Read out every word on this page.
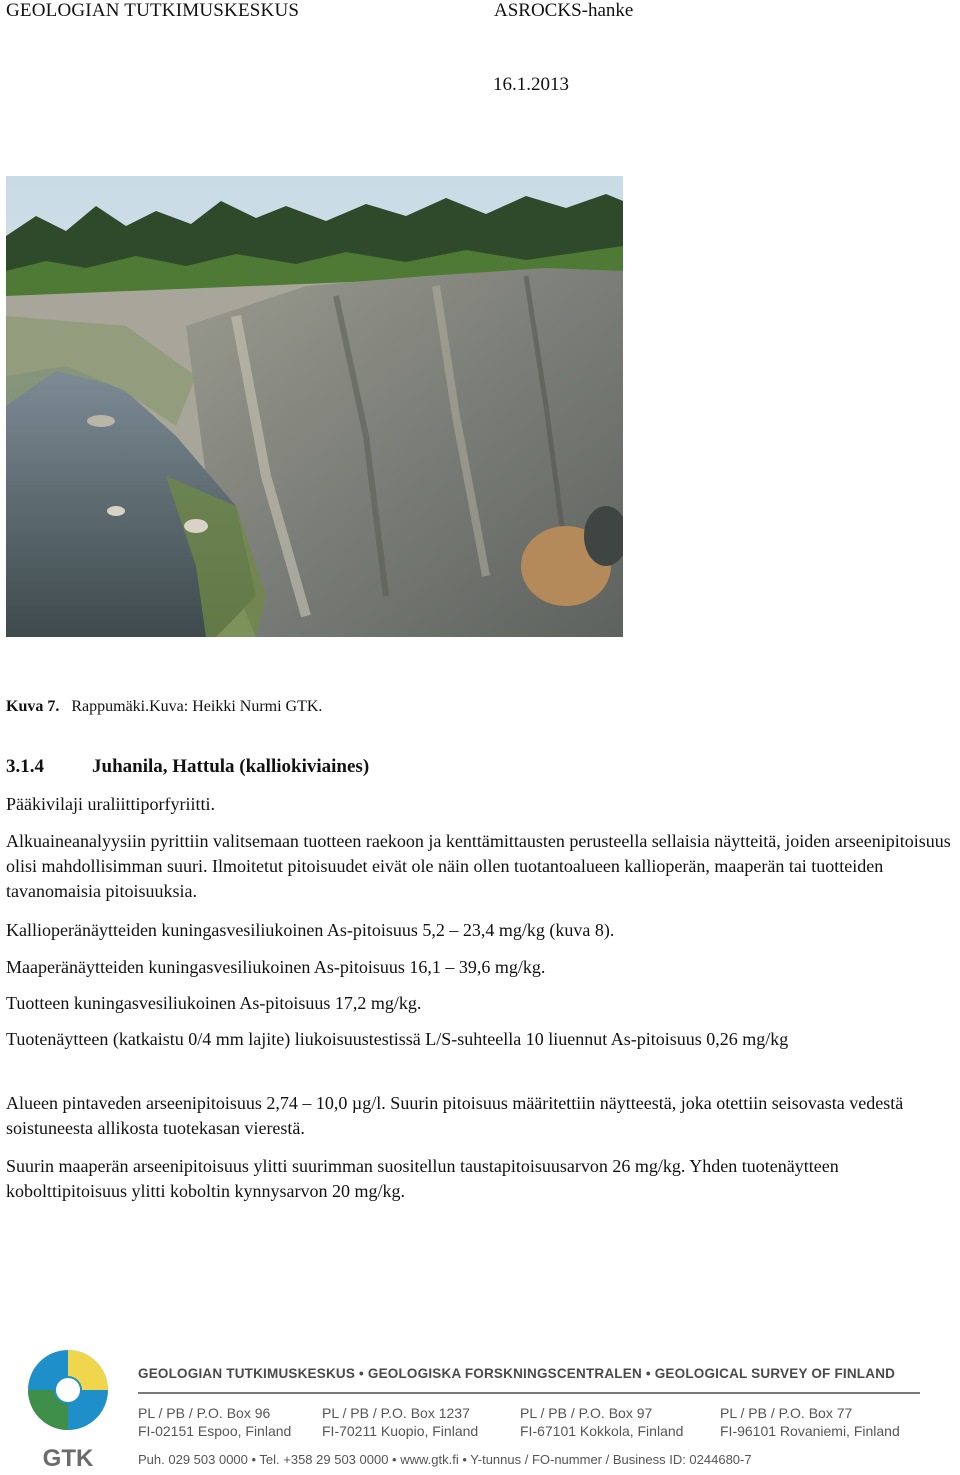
GEOLOGIAN TUTKIMUSKESKUS	ASROCKS-hanke
16.1.2013
Kuva 7. Rappumäki.Kuva: Heikki Nurmi GTK.
3.1.4	Juhanila, Hattula (kalliokiviaines)
Pääkivilaji uraliittiporfyriitti.
Alkuaineanalyysiin pyrittiin valitsemaan tuotteen raekoon ja kenttämittausten perusteella sellaisia näytteitä, joiden arseenipitoisuus olisi mahdollisimman suuri. Ilmoitetut pitoisuudet eivät ole näin ollen tuotantoalueen kallioperän, maaperän tai tuotteiden tavanomaisia pitoisuuksia.
Kallioperänäytteiden kuningasvesiliukoinen As-pitoisuus 5,2 – 23,4 mg/kg (kuva 8).
Maaperänäytteiden kuningasvesiliukoinen As-pitoisuus 16,1 – 39,6 mg/kg.
Tuotteen kuningasvesiliukoinen As-pitoisuus 17,2 mg/kg.
Tuotenäytteen (katkaistu 0/4 mm lajite) liukoisuustestissä L/S-suhteella 10 liuennut As-pitoisuus 0,26 mg/kg
Alueen pintaveden arseenipitoisuus 2,74 – 10,0 µg/l. Suurin pitoisuus määritettiin näytteestä, joka otettiin seisovasta vedestä soistuneesta allikosta tuotekasan vierestä.
Suurin maaperän arseenipitoisuus ylitti suurimman suositellun taustapitoisuusarvon 26 mg/kg. Yhden tuotenäytteen kobolttipitoisuus ylitti koboltin kynnysarvon 20 mg/kg.
GTK
GEOLOGIAN TUTKIMUSKESKUS • GEOLOGISKA FORSKNINGSCENTRALEN • GEOLOGICAL SURVEY OF FINLAND
PL / PB / P.O. Box 96
FI-02151 Espoo, Finland
PL / PB / P.O. Box 1237
FI-70211 Kuopio, Finland
PL / PB / P.O. Box 97
FI-67101 Kokkola, Finland
PL / PB / P.O. Box 77
FI-96101 Rovaniemi, Finland
Puh. 029 503 0000 • Tel. +358 29 503 0000 • www.gtk.fi • Y-tunnus / FO-nummer / Business ID: 0244680-7
